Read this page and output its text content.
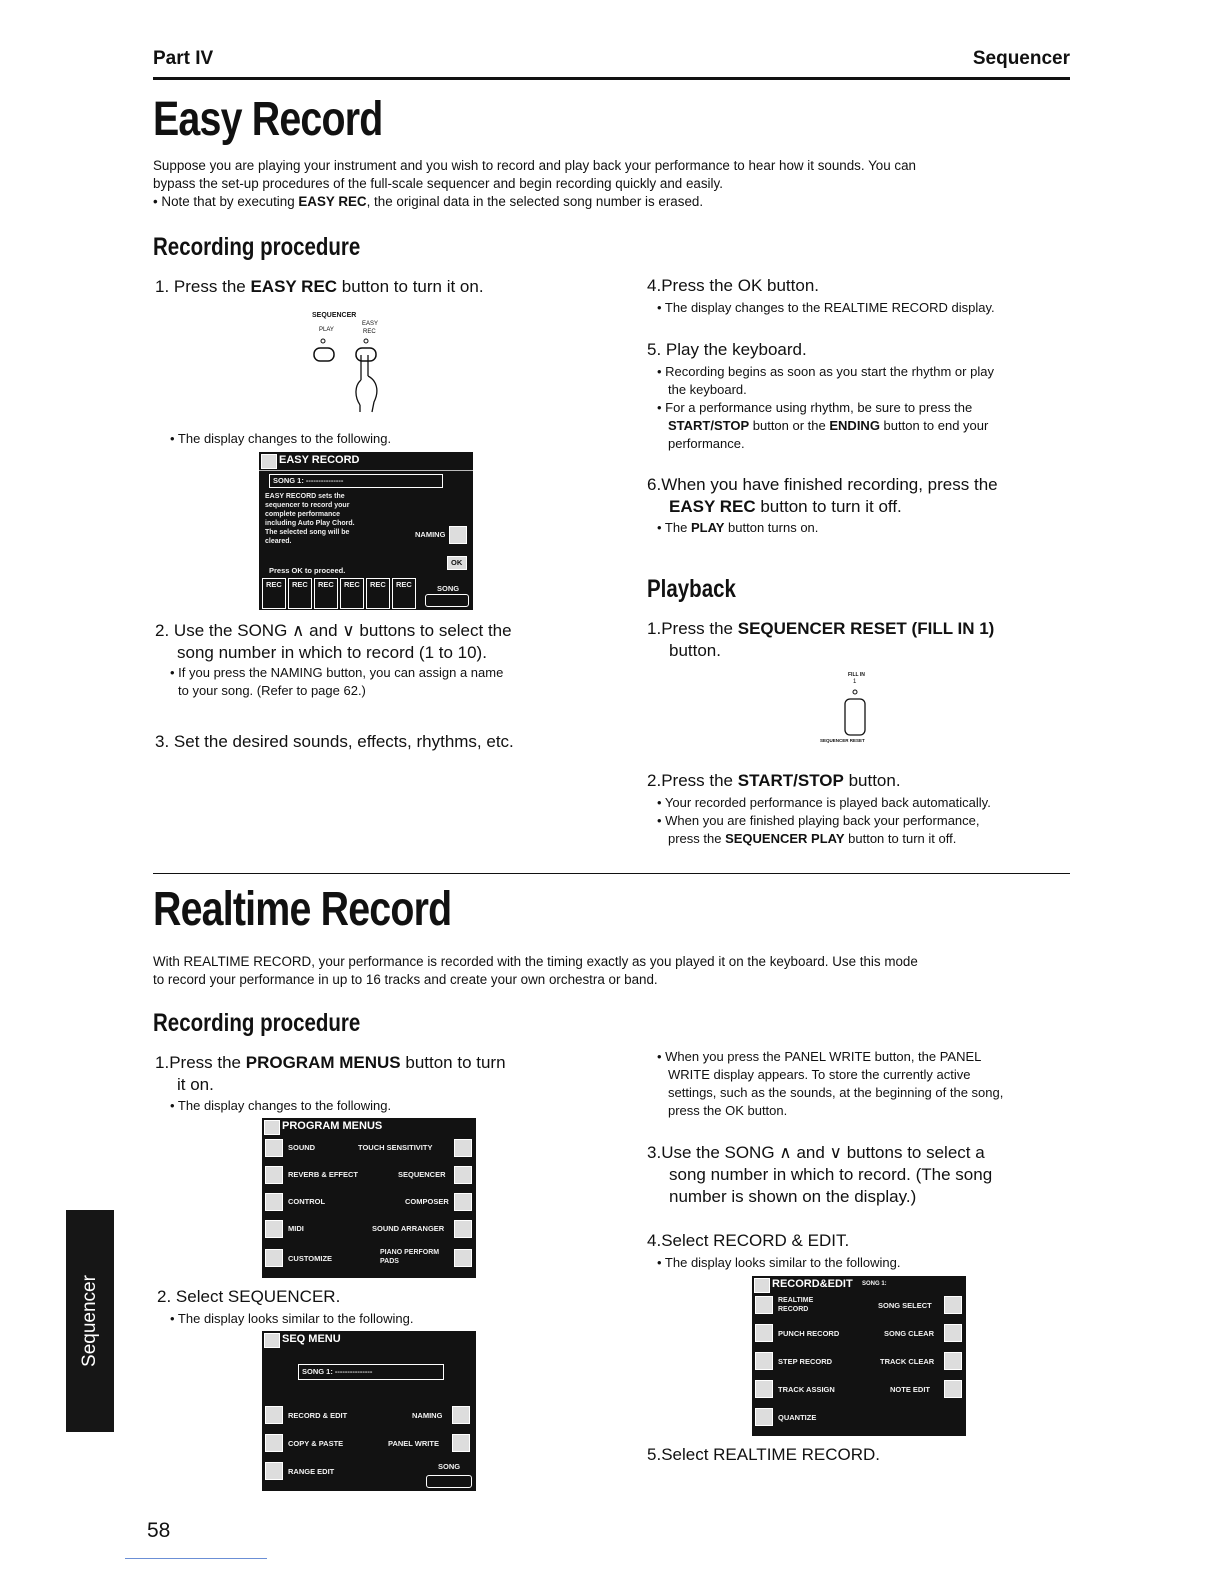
Part IV	Sequencer
Easy Record
Suppose you are playing your instrument and you wish to record and play back your performance to hear how it sounds. You can
bypass the set-up procedures of the full-scale sequencer and begin recording quickly and easily.
• Note that by executing EASY REC, the original data in the selected song number is erased.
Recording procedure
1. Press the EASY REC button to turn it on.
SEQUENCER
PLAY
EASY
REC
• The display changes to the following.
EASY RECORD
SONG 1: ---------------
EASY RECORD sets the
sequencer to record your
complete performance
including Auto Play Chord.
The selected song will be
cleared.
NAMING
Press OK to proceed.
OK
REC REC REC REC REC REC	SONG
2. Use the SONG ∧ and ∨ buttons to select the
song number in which to record (1 to 10).
• If you press the NAMING button, you can assign a name
to your song. (Refer to page 62.)
3. Set the desired sounds, effects, rhythms, etc.
4.Press the OK button.
• The display changes to the REALTIME RECORD display.
5. Play the keyboard.
• Recording begins as soon as you start the rhythm or play
the keyboard.
• For a performance using rhythm, be sure to press the
START/STOP button or the ENDING button to end your
performance.
6.When you have finished recording, press the
EASY REC button to turn it off.
• The PLAY button turns on.
Playback
1.Press the SEQUENCER RESET (FILL IN 1)
button.
FILL IN
1
SEQUENCER RESET
2.Press the START/STOP button.
• Your recorded performance is played back automatically.
• When you are finished playing back your performance,
press the SEQUENCER PLAY button to turn it off.
Realtime Record
With REALTIME RECORD, your performance is recorded with the timing exactly as you played it on the keyboard. Use this mode
to record your performance in up to 16 tracks and create your own orchestra or band.
Recording procedure
1.Press the PROGRAM MENUS button to turn
it on.
• The display changes to the following.
PROGRAM MENUS
SOUND	TOUCH SENSITIVITY
REVERB & EFFECT	SEQUENCER
CONTROL	COMPOSER
MIDI	SOUND ARRANGER
CUSTOMIZE
PIANO PERFORM PADS
2. Select SEQUENCER.
• The display looks similar to the following.
SEQ MENU
SONG 1: ---------------
RECORD & EDIT	NAMING
COPY & PASTE	PANEL WRITE
RANGE EDIT
SONG
• When you press the PANEL WRITE button, the PANEL
WRITE display appears. To store the currently active
settings, such as the sounds, at the beginning of the song,
press the OK button.
3.Use the SONG ∧ and ∨ buttons to select a
song number in which to record. (The song
number is shown on the display.)
4.Select RECORD & EDIT.
• The display looks similar to the following.
RECORD&EDIT SONG 1:
REALTIME RECORD	SONG SELECT
PUNCH RECORD	SONG CLEAR
STEP RECORD	TRACK CLEAR
TRACK ASSIGN	NOTE EDIT
QUANTIZE
5.Select REALTIME RECORD.
Sequencer
58
